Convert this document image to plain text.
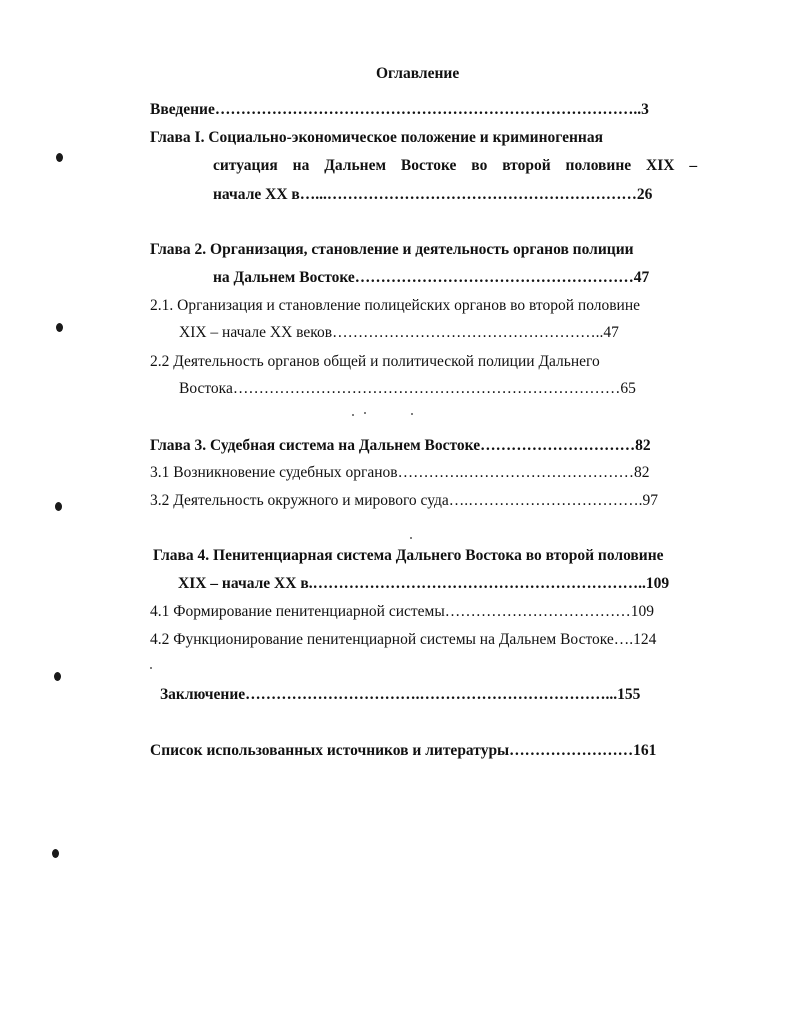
Оглавление
Введение………………………………………………………………………..3
Глава I. Социально-экономическое положение и криминогенная
ситуация на Дальнем Востоке во второй половине XIX –
начале XX в…...……………………………………………………26
Глава 2. Организация, становление и деятельность органов полиции
на Дальнем Востоке………………………………………………47
2.1. Организация и становление полицейских органов во второй половине
XIX – начале XX веков……………………………………………..47
2.2 Деятельность органов общей и политической полиции Дальнего
Востока…………………………………………………………………65
Глава 3. Судебная система на Дальнем Востоке…………………………82
3.1 Возникновение судебных органов………….……………………………82
3.2 Деятельность окружного и мирового суда….…………………………….97
Глава 4. Пенитенциарная система Дальнего Востока во второй половине
XIX – начале XX в.………………………………………………………..109
4.1 Формирование пенитенциарной системы………………………………109
4.2 Функционирование пенитенциарной системы на Дальнем Востоке….124
Заключение…………………………….………………………………...155
Список использованных источников и литературы……………………161
